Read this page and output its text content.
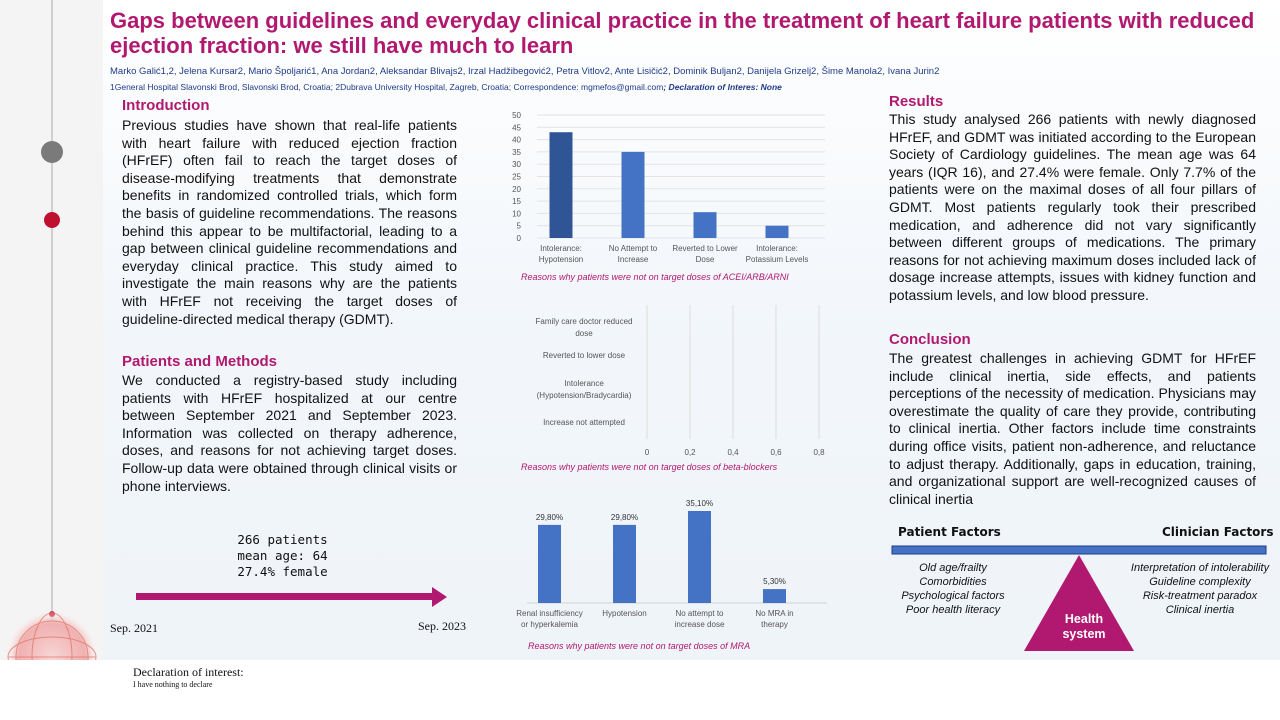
Gaps between guidelines and everyday clinical practice in the treatment of heart failure patients with reduced ejection fraction: we still have much to learn
Marko Galić1,2, Jelena Kursar2, Mario Špoljarić1, Ana Jordan2, Aleksandar Blivajs2, Irzal Hadžibegović2, Petra Vitlov2, Ante Lisičić2, Dominik Buljan2, Danijela Grizelj2, Šime Manola2, Ivana Jurin2
1General Hospital Slavonski Brod, Slavonski Brod, Croatia; 2Dubrava University Hospital, Zagreb, Croatia; Correspondence: mgmefos@gmail.com; Declaration of Interes: None
Introduction
Previous studies have shown that real-life patients with heart failure with reduced ejection fraction (HFrEF) often fail to reach the target doses of disease-modifying treatments that demonstrate benefits in randomized controlled trials, which form the basis of guideline recommendations. The reasons behind this appear to be multifactorial, leading to a gap between clinical guideline recommendations and everyday clinical practice. This study aimed to investigate the main reasons why are the patients with HFrEF not receiving the target doses of guideline-directed medical therapy (GDMT).
Patients and Methods
We conducted a registry-based study including patients with HFrEF hospitalized at our centre between September 2021 and September 2023. Information was collected on therapy adherence, doses, and reasons for not achieving target doses. Follow-up data were obtained through clinical visits or phone interviews.
266 patients
mean age: 64
27.4% female
Sep. 2021	Sep. 2023
Declaration of interest:
I have nothing to declare
0
5
10
15
20
25
30
35
40
45
50
Intolerance:
Hypotension
No Attempt to
Increase
Reverted to Lower
Dose
Intolerance:
Potassium Levels
Reasons why patients were not on target doses of ACEI/ARB/ARNI
0	0,2	0,4	0,6	0,8
Family care doctor reduced
dose
Reverted to lower dose
Intolerance
(Hypotension/Bradycardia)
Increase not attempted
Reasons why patients were not on target doses of beta-blockers
29,80%
Renal insufficiency
or hyperkalemia
29,80%
Hypotension
35,10%
No attempt to
increase dose
5,30%
No MRA in
therapy
Reasons why patients were not on target doses of MRA
Results
This study analysed 266 patients with newly diagnosed HFrEF, and GDMT was initiated according to the European Society of Cardiology guidelines. The mean age was 64 years (IQR 16), and 27.4% were female. Only 7.7% of the patients were on the maximal doses of all four pillars of GDMT. Most patients regularly took their prescribed medication, and adherence did not vary significantly between different groups of medications. The primary reasons for not achieving maximum doses included lack of dosage increase attempts, issues with kidney function and potassium levels, and low blood pressure.
Conclusion
The greatest challenges in achieving GDMT for HFrEF include clinical inertia, side effects, and patients perceptions of the necessity of medication. Physicians may overestimate the quality of care they provide, contributing to clinical inertia. Other factors include time constraints during office visits, patient non-adherence, and reluctance to adjust therapy. Additionally, gaps in education, training, and organizational support are well-recognized causes of clinical inertia
Patient Factors	Clinician Factors
Old age/frailty
Comorbidities
Psychological factors
Poor health literacy
Interpretation of intolerability
Guideline complexity
Risk-treatment paradox
Clinical inertia
Health
system
